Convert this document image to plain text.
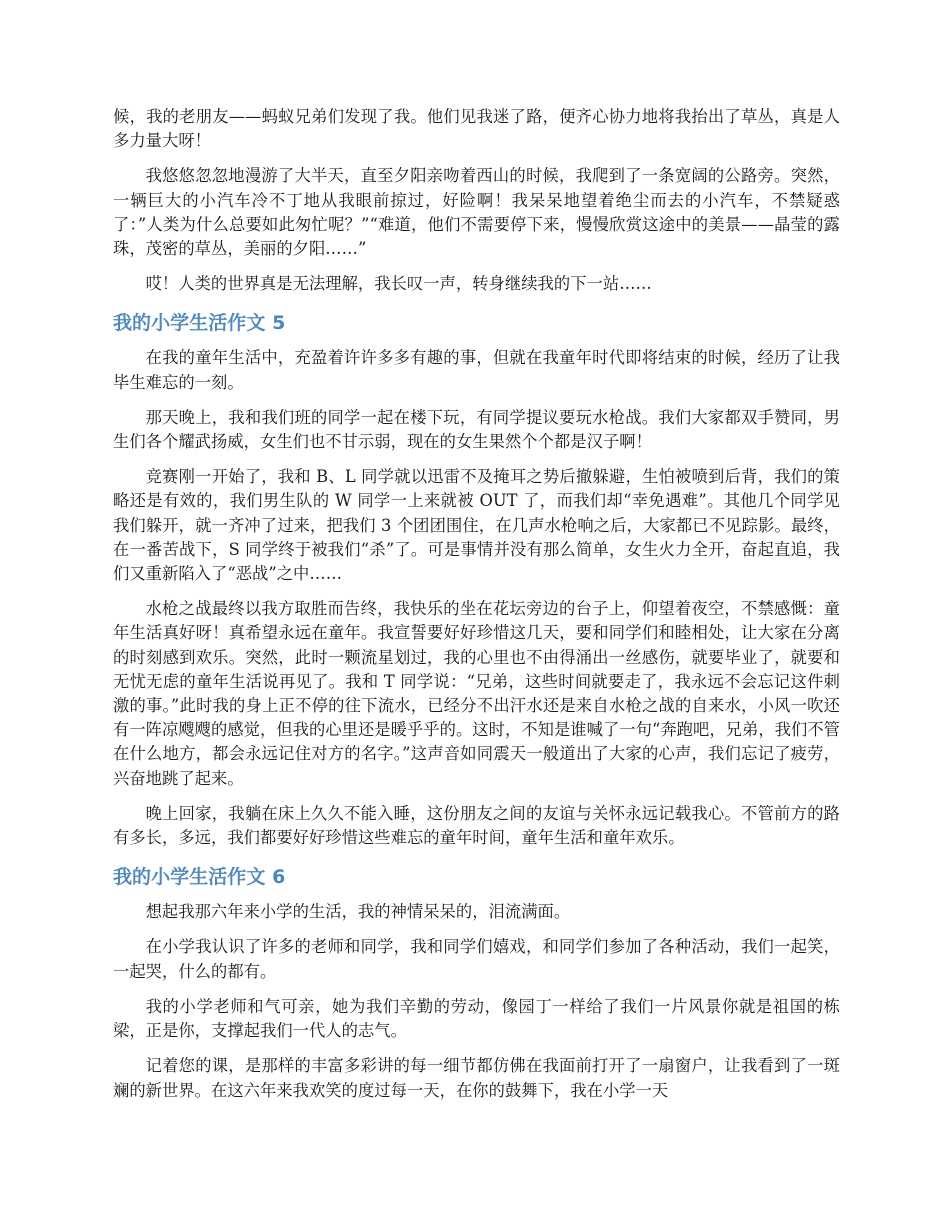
候，我的老朋友——蚂蚁兄弟们发现了我。他们见我迷了路，便齐心协力地将我抬出了草丛，真是人多力量大呀！

我悠悠忽忽地漫游了大半天，直至夕阳亲吻着西山的时候，我爬到了一条宽阔的公路旁。突然，一辆巨大的小汽车冷不丁地从我眼前掠过，好险啊！我呆呆地望着绝尘而去的小汽车，不禁疑惑了：”人类为什么总要如此匆忙呢？”“难道，他们不需要停下来，慢慢欣赏这途中的美景——晶莹的露珠，茂密的草丛，美丽的夕阳……”

哎！人类的世界真是无法理解，我长叹一声，转身继续我的下一站……

我的小学生活作文 5

在我的童年生活中，充盈着许许多多有趣的事，但就在我童年时代即将结束的时候，经历了让我毕生难忘的一刻。

那天晚上，我和我们班的同学一起在楼下玩，有同学提议要玩水枪战。我们大家都双手赞同，男生们各个耀武扬威，女生们也不甘示弱，现在的女生果然个个都是汉子啊！

竞赛刚一开始了，我和 B、L 同学就以迅雷不及掩耳之势后撤躲避，生怕被喷到后背，我们的策略还是有效的，我们男生队的 W 同学一上来就被 OUT 了，而我们却“幸免遇难”。其他几个同学见我们躲开，就一齐冲了过来，把我们 3 个团团围住，在几声水枪响之后，大家都已不见踪影。最终，在一番苦战下，S 同学终于被我们“杀”了。可是事情并没有那么简单，女生火力全开，奋起直追，我们又重新陷入了“恶战”之中……

水枪之战最终以我方取胜而告终，我快乐的坐在花坛旁边的台子上，仰望着夜空，不禁感慨：童年生活真好呀！真希望永远在童年。我宣誓要好好珍惜这几天，要和同学们和睦相处，让大家在分离的时刻感到欢乐。突然，此时一颗流星划过，我的心里也不由得涌出一丝感伤，就要毕业了，就要和无忧无虑的童年生活说再见了。我和 T 同学说：“兄弟，这些时间就要走了，我永远不会忘记这件刺激的事。”此时我的身上正不停的往下流水，已经分不出汗水还是来自水枪之战的自来水，小风一吹还有一阵凉飕飕的感觉，但我的心里还是暖乎乎的。这时，不知是谁喊了一句“奔跑吧，兄弟，我们不管在什么地方，都会永远记住对方的名字。”这声音如同震天一般道出了大家的心声，我们忘记了疲劳，兴奋地跳了起来。

晚上回家，我躺在床上久久不能入睡，这份朋友之间的友谊与关怀永远记载我心。不管前方的路有多长，多远，我们都要好好珍惜这些难忘的童年时间，童年生活和童年欢乐。

我的小学生活作文 6

想起我那六年来小学的生活，我的神情呆呆的，泪流满面。

在小学我认识了许多的老师和同学，我和同学们嬉戏，和同学们参加了各种活动，我们一起笑，一起哭，什么的都有。

我的小学老师和气可亲，她为我们辛勤的劳动，像园丁一样给了我们一片风景你就是祖国的栋梁，正是你，支撑起我们一代人的志气。

记着您的课，是那样的丰富多彩讲的每一细节都仿佛在我面前打开了一扇窗户，让我看到了一斑斓的新世界。在这六年来我欢笑的度过每一天，在你的鼓舞下，我在小学一天
